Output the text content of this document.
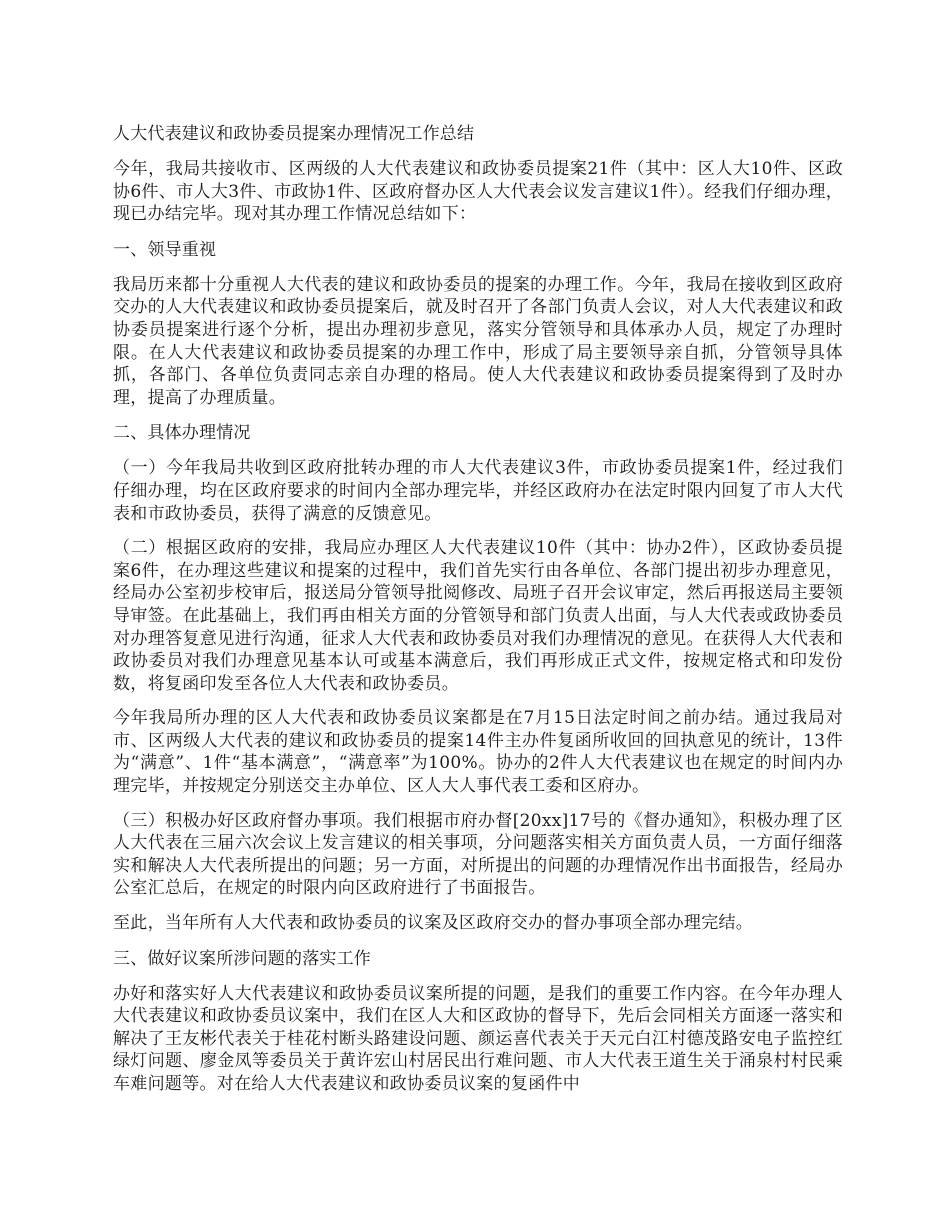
人大代表建议和政协委员提案办理情况工作总结
今年，我局共接收市、区两级的人大代表建议和政协委员提案21件（其中：区人大10件、区政协6件、市人大3件、市政协1件、区政府督办区人大代表会议发言建议1件）。经我们仔细办理，现已办结完毕。现对其办理工作情况总结如下：
一、领导重视
我局历来都十分重视人大代表的建议和政协委员的提案的办理工作。今年，我局在接收到区政府交办的人大代表建议和政协委员提案后，就及时召开了各部门负责人会议，对人大代表建议和政协委员提案进行逐个分析，提出办理初步意见，落实分管领导和具体承办人员，规定了办理时限。在人大代表建议和政协委员提案的办理工作中，形成了局主要领导亲自抓，分管领导具体抓，各部门、各单位负责同志亲自办理的格局。使人大代表建议和政协委员提案得到了及时办理，提高了办理质量。
二、具体办理情况
（一）今年我局共收到区政府批转办理的市人大代表建议3件，市政协委员提案1件，经过我们仔细办理，均在区政府要求的时间内全部办理完毕，并经区政府办在法定时限内回复了市人大代表和市政协委员，获得了满意的反馈意见。
（二）根据区政府的安排，我局应办理区人大代表建议10件（其中：协办2件），区政协委员提案6件，在办理这些建议和提案的过程中，我们首先实行由各单位、各部门提出初步办理意见，经局办公室初步校审后，报送局分管领导批阅修改、局班子召开会议审定，然后再报送局主要领导审签。在此基础上，我们再由相关方面的分管领导和部门负责人出面，与人大代表或政协委员对办理答复意见进行沟通，征求人大代表和政协委员对我们办理情况的意见。在获得人大代表和政协委员对我们办理意见基本认可或基本满意后，我们再形成正式文件，按规定格式和印发份数，将复函印发至各位人大代表和政协委员。
今年我局所办理的区人大代表和政协委员议案都是在7月15日法定时间之前办结。通过我局对市、区两级人大代表的建议和政协委员的提案14件主办件复函所收回的回执意见的统计，13件为“满意”、1件“基本满意”，“满意率”为100%。协办的2件人大代表建议也在规定的时间内办理完毕，并按规定分别送交主办单位、区人大人事代表工委和区府办。
（三）积极办好区政府督办事项。我们根据市府办督[20xx]17号的《督办通知》，积极办理了区人大代表在三届六次会议上发言建议的相关事项，分问题落实相关方面负责人员，一方面仔细落实和解决人大代表所提出的问题；另一方面，对所提出的问题的办理情况作出书面报告，经局办公室汇总后，在规定的时限内向区政府进行了书面报告。
至此，当年所有人大代表和政协委员的议案及区政府交办的督办事项全部办理完结。
三、做好议案所涉问题的落实工作
办好和落实好人大代表建议和政协委员议案所提的问题，是我们的重要工作内容。在今年办理人大代表建议和政协委员议案中，我们在区人大和区政协的督导下，先后会同相关方面逐一落实和解决了王友彬代表关于桂花村断头路建设问题、颜运喜代表关于天元白江村德茂路安电子监控红绿灯问题、廖金凤等委员关于黄许宏山村居民出行难问题、市人大代表王道生关于涌泉村村民乘车难问题等。对在给人大代表建议和政协委员议案的复函件中
